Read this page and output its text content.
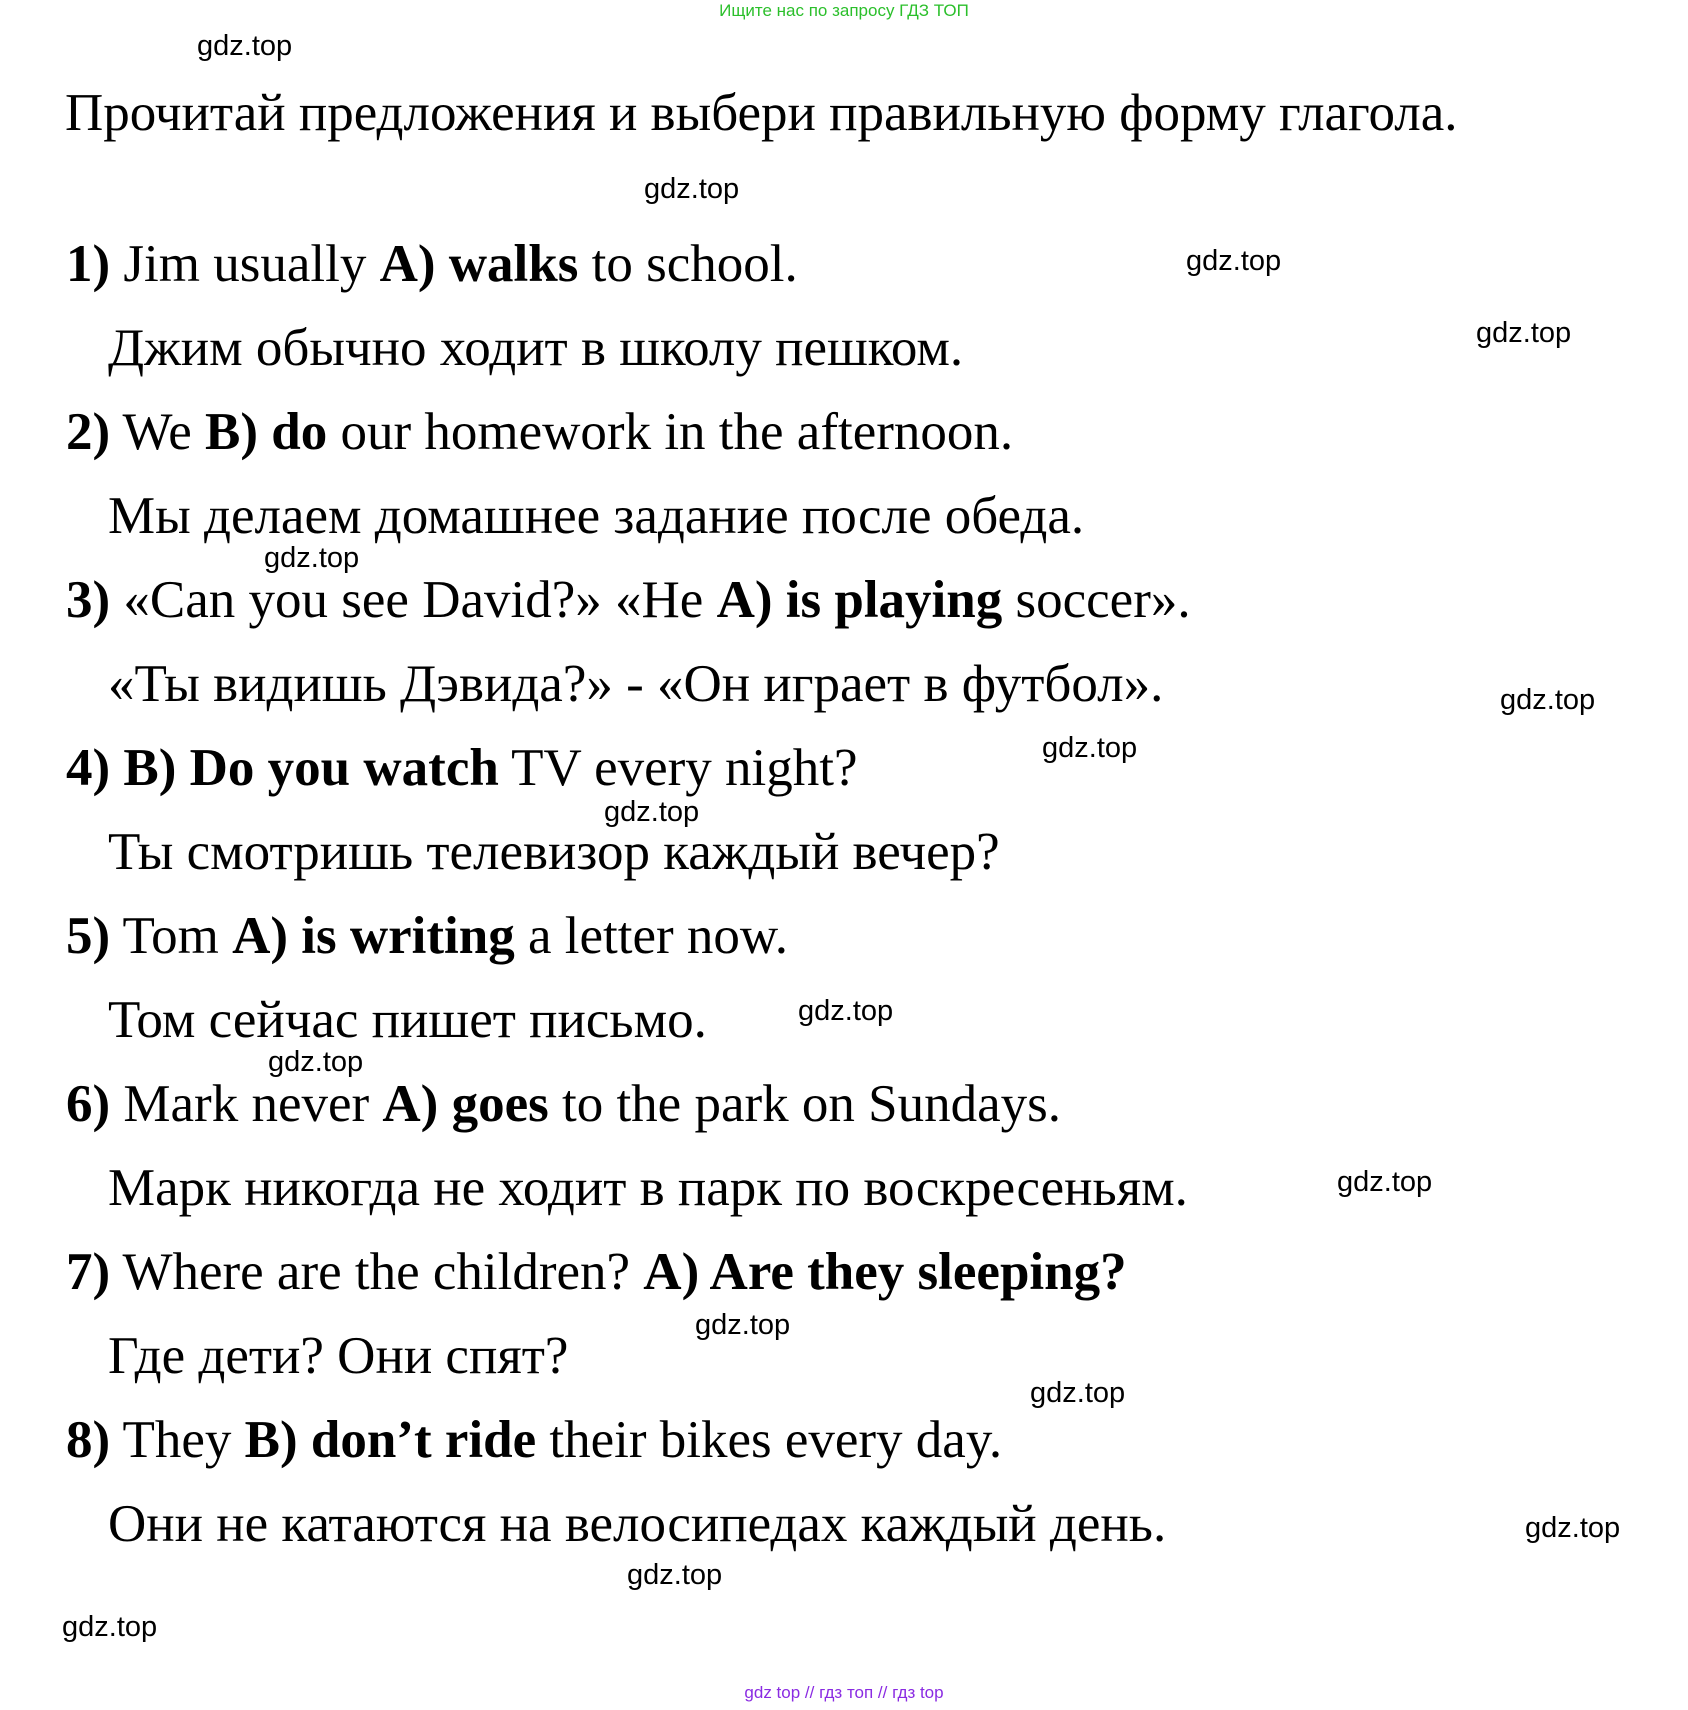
Ищите нас по запросу ГДЗ ТОП
Прочитай предложения и выбери правильную форму глагола.
1) Jim usually A) walks to school.
Джим обычно ходит в школу пешком.
2) We B) do our homework in the afternoon.
Мы делаем домашнее задание после обеда.
3) «Can you see David?» «He A) is playing soccer».
«Ты видишь Дэвида?» - «Он играет в футбол».
4) B) Do you watch TV every night?
Ты смотришь телевизор каждый вечер?
5) Tom A) is writing a letter now.
Том сейчас пишет письмо.
6) Mark never A) goes to the park on Sundays.
Марк никогда не ходит в парк по воскресеньям.
7) Where are the children? A) Are they sleeping?
Где дети? Они спят?
8) They B) don’t ride their bikes every day.
Они не катаются на велосипедах каждый день.
gdz.top
gdz.top
gdz.top
gdz.top
gdz.top
gdz.top
gdz.top
gdz.top
gdz.top
gdz.top
gdz.top
gdz.top
gdz.top
gdz.top
gdz.top
gdz.top
gdz top // гдз топ // гдз top
